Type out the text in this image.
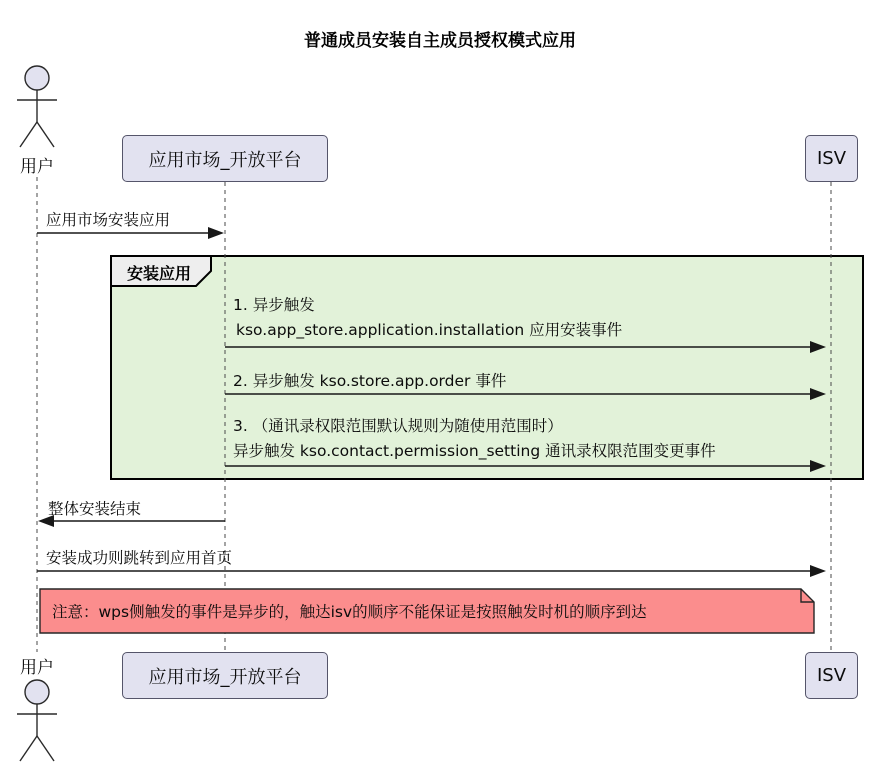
普通成员安装自主成员授权模式应用
用户	应用市场_开放平台	ISV
应用市场安装应用
安装应用
1. 异步触发
kso.app_store.application.installation 应用安装事件
2. 异步触发 kso.store.app.order 事件
3. （通讯录权限范围默认规则为随使用范围时）
异步触发 kso.contact.permission_setting 通讯录权限范围变更事件
整体安装结束
安装成功则跳转到应用首页
注意：wps侧触发的事件是异步的，触达isv的顺序不能保证是按照触发时机的顺序到达
用户	应用市场_开放平台	ISV
